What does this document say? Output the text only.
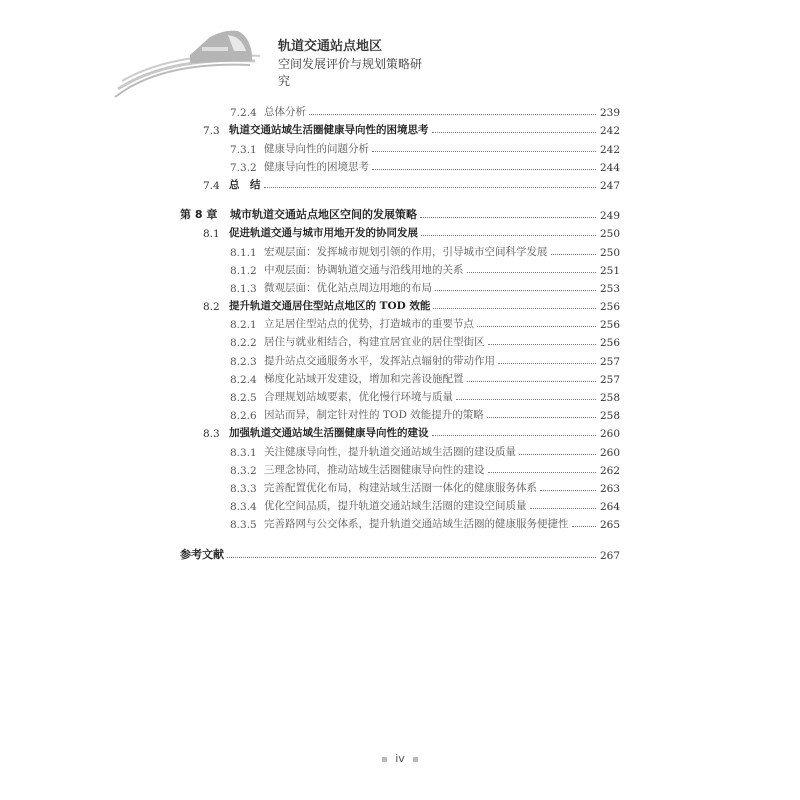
轨道交通站点地区
空间发展评价与规划策略研究
7.2.4 总体分析	239
7.3 轨道交通站域生活圈健康导向性的困境思考	242
7.3.1 健康导向性的问题分析	242
7.3.2 健康导向性的困境思考	244
7.4 总　结	247
第 8 章 城市轨道交通站点地区空间的发展策略	249
8.1 促进轨道交通与城市用地开发的协同发展	250
8.1.1 宏观层面：发挥城市规划引领的作用，引导城市空间科学发展	250
8.1.2 中观层面：协调轨道交通与沿线用地的关系	251
8.1.3 微观层面：优化站点周边用地的布局	253
8.2 提升轨道交通居住型站点地区的 TOD 效能	256
8.2.1 立足居住型站点的优势，打造城市的重要节点	256
8.2.2 居住与就业相结合，构建宜居宜业的居住型街区	256
8.2.3 提升站点交通服务水平，发挥站点辐射的带动作用	257
8.2.4 梯度化站域开发建设，增加和完善设施配置	257
8.2.5 合理规划站域要素，优化慢行环境与质量	258
8.2.6 因站而异，制定针对性的 TOD 效能提升的策略	258
8.3 加强轨道交通站域生活圈健康导向性的建设	260
8.3.1 关注健康导向性，提升轨道交通站域生活圈的建设质量	260
8.3.2 三理念协同，推动站域生活圈健康导向性的建设	262
8.3.3 完善配置优化布局，构建站域生活圈一体化的健康服务体系	263
8.3.4 优化空间品质，提升轨道交通站域生活圈的建设空间质量	264
8.3.5 完善路网与公交体系，提升轨道交通站域生活圈的健康服务便捷性	265
参考文献	267
iv
